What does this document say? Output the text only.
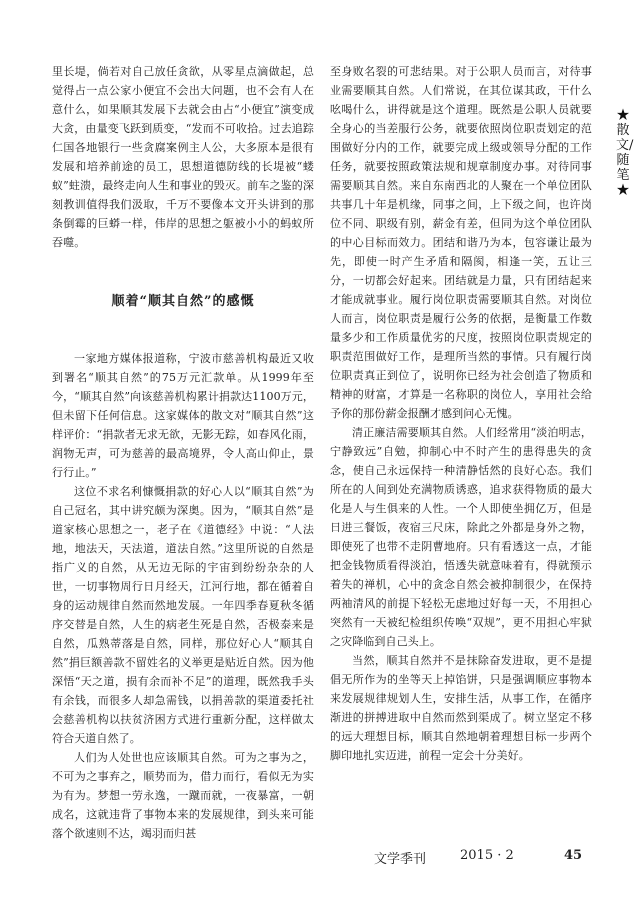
★散文/随笔★

里长堤，倘若对自己放任贪欲，从零星点滴做起，总觉得占一点公家小便宜不会出大问题，也不会有人在意什么，如果顺其发展下去就会由占“小便宜”演变成大贪，由量变飞跃到质变，“发而不可收拾。过去追踪仁国各地银行一些贪腐案例主人公，大多原本是很有发展和培养前途的员工，思想道德防线的长堤被“蝼蚁”蛀溃，最终走向人生和事业的毁灭。前车之鉴的深刻教训值得我们汲取，千万不要像本文开头讲到的那条倒霉的巨蟒一样，伟岸的思想之躯被小小的蚂蚁所吞噬。

顺着“顺其自然”的感慨

一家地方媒体报道称，宁波市慈善机构最近又收到署名“顺其自然”的75万元汇款单。从1999年至今，“顺其自然”向该慈善机构累计捐款达1100万元，但未留下任何信息。这家媒体的散文对“顺其自然”这样评价：“捐款者无求无欲，无影无踪，如春风化雨，润物无声，可为慈善的最高境界，令人高山仰止，景行行止。”

这位不求名利慷慨捐款的好心人以“顺其自然”为自己冠名，其中讲究颇为深奥。因为，“顺其自然”是道家核心思想之一，老子在《道德经》中说：“人法地，地法天，天法道，道法自然。”这里所说的自然是指广义的自然，从无边无际的宇宙到纷纷杂杂的人世，一切事物周行日月经天，江河行地，都在循着自身的运动规律自然而然地发展。一年四季春夏秋冬循序交替是自然，人生的病老生死是自然，否极泰来是自然，瓜熟蒂落是自然，同样，那位好心人“顺其自然”捐巨额善款不留姓名的义举更是贴近自然。因为他深悟“天之道，损有余而补不足”的道理，既然我手头有余钱，而很多人却急需钱，以捐善款的渠道委托社会慈善机构以扶贫济困方式进行重新分配，这样做太符合天道自然了。

人们为人处世也应该顺其自然。可为之事为之，不可为之事弃之，顺势而为，借力而行，看似无为实为有为。梦想一劳永逸，一蹴而就，一夜暴富，一朝成名，这就违背了事物本来的发展规律，到头来可能落个欲速则不达，竭羽而归甚

至身败名裂的可悲结果。对于公职人员而言，对待事业需要顺其自然。人们常说，在其位谋其政，干什么吆喝什么，讲得就是这个道理。既然是公职人员就要全身心的当差服行公务，就要依照岗位职责划定的范围做好分内的工作，就要完成上级或领导分配的工作任务，就要按照政策法规和规章制度办事。对待同事需要顺其自然。来自东南西北的人聚在一个单位团队共事几十年是机缘，同事之间，上下级之间，也许岗位不同、职级有别，薪金有差，但同为这个单位团队的中心目标而效力。团结和谐乃为本，包容谦让最为先，即使一时产生矛盾和隔阂，相逢一笑，五让三分，一切都会好起来。团结就是力量，只有团结起来才能成就事业。履行岗位职责需要顺其自然。对岗位人而言，岗位职责是履行公务的依据，是衡量工作数量多少和工作质量优劣的尺度，按照岗位职责规定的职责范围做好工作，是理所当然的事情。只有履行岗位职责真正到位了，说明你已经为社会创造了物质和精神的财富，才算是一名称职的岗位人，享用社会给予你的那份薪金报酬才感到问心无愧。

清正廉洁需要顺其自然。人们经常用“淡泊明志，宁静致远”自勉，抑制心中不时产生的患得患失的贪念，使自己永远保持一种清静恬然的良好心态。我们所在的人间到处充满物质诱惑，追求获得物质的最大化是人与生俱来的人性。一个人即使坐拥亿万，但是日进三餐饭，夜宿三尺床，除此之外都是身外之物，即使死了也带不走阴曹地府。只有看透这一点，才能把金钱物质看得淡泊，悟透失就意味着有，得就预示着失的禅机，心中的贪念自然会被抑制很少，在保持两袖清风的前提下轻松无虑地过好每一天，不用担心突然有一天被纪检组织传唤“双规”，更不用担心牢狱之灾降临到自己头上。

当然，顺其自然并不是抹除奋发进取，更不是提倡无所作为的坐等天上掉馅饼，只是强调顺应事物本来发展规律规划人生，安排生活，从事工作，在循序渐进的拼搏进取中自然而然到渠成了。树立坚定不移的远大理想目标，顺其自然地朝着理想目标一步两个脚印地扎实迈进，前程一定会十分美好。

文学季刊	2015 · 2	45
